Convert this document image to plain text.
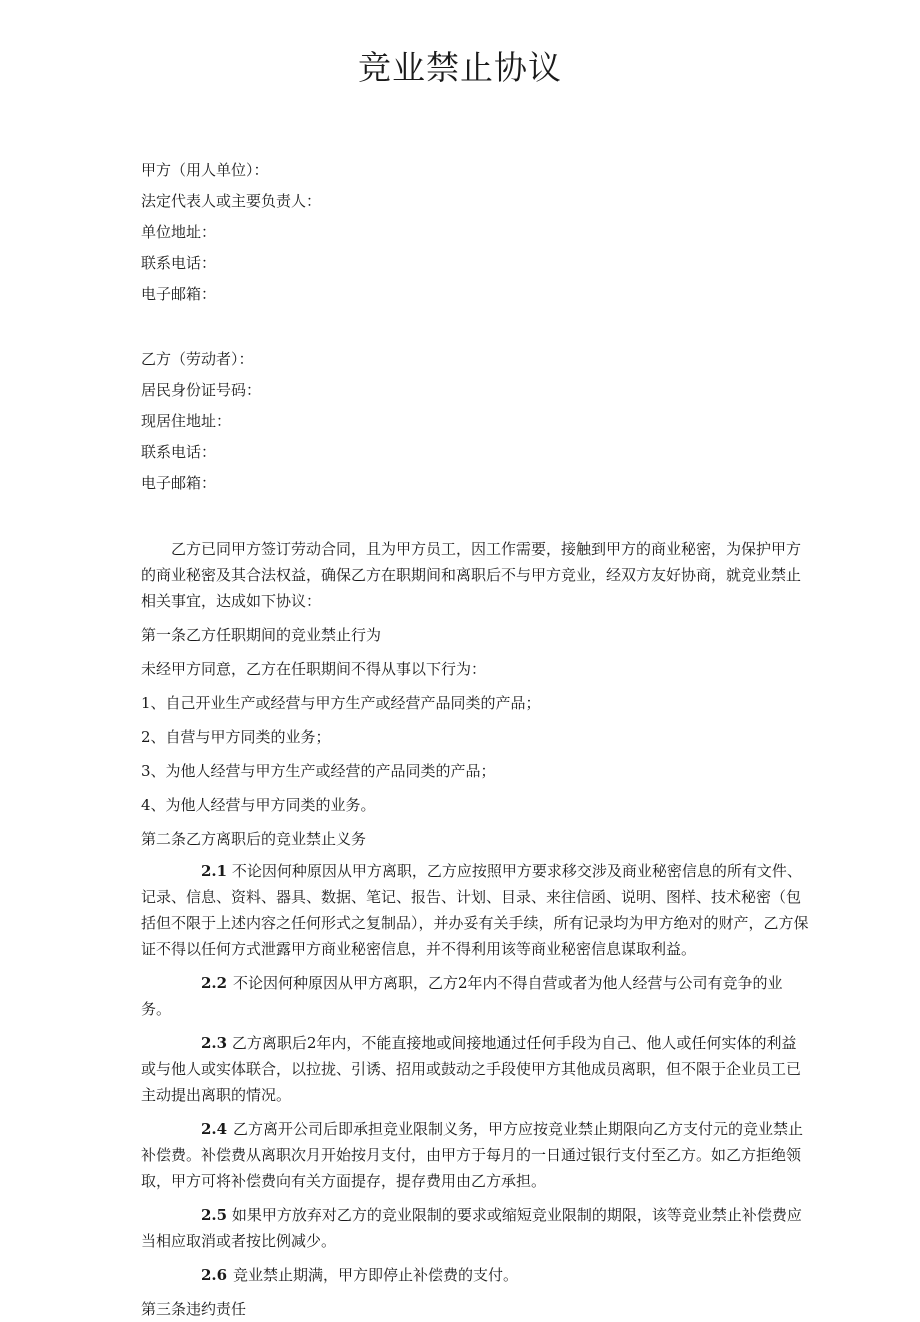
竞业禁止协议
甲方（用人单位）：
法定代表人或主要负责人：
单位地址：
联系电话：
电子邮箱：
乙方（劳动者）：
居民身份证号码：
现居住地址：
联系电话：
电子邮箱：
乙方已同甲方签订劳动合同，且为甲方员工，因工作需要，接触到甲方的商业秘密，为保护甲方的商业秘密及其合法权益，确保乙方在职期间和离职后不与甲方竞业，经双方友好协商，就竞业禁止相关事宜，达成如下协议：
第一条乙方任职期间的竞业禁止行为
未经甲方同意，乙方在任职期间不得从事以下行为：
1、自己开业生产或经营与甲方生产或经营产品同类的产品；
2、自营与甲方同类的业务；
3、为他人经营与甲方生产或经营的产品同类的产品；
4、为他人经营与甲方同类的业务。
第二条乙方离职后的竞业禁止义务
2.1 不论因何种原因从甲方离职，乙方应按照甲方要求移交涉及商业秘密信息的所有文件、记录、信息、资料、器具、数据、笔记、报告、计划、目录、来往信函、说明、图样、技术秘密（包括但不限于上述内容之任何形式之复制品），并办妥有关手续，所有记录均为甲方绝对的财产，乙方保证不得以任何方式泄露甲方商业秘密信息，并不得利用该等商业秘密信息谋取利益。
2.2 不论因何种原因从甲方离职，乙方2年内不得自营或者为他人经营与公司有竞争的业务。
2.3 乙方离职后2年内，不能直接地或间接地通过任何手段为自己、他人或任何实体的利益或与他人或实体联合，以拉拢、引诱、招用或鼓动之手段使甲方其他成员离职，但不限于企业员工已主动提出离职的情况。
2.4 乙方离开公司后即承担竞业限制义务，甲方应按竞业禁止期限向乙方支付元的竞业禁止补偿费。补偿费从离职次月开始按月支付，由甲方于每月的一日通过银行支付至乙方。如乙方拒绝领取，甲方可将补偿费向有关方面提存，提存费用由乙方承担。
2.5 如果甲方放弃对乙方的竞业限制的要求或缩短竞业限制的期限，该等竞业禁止补偿费应当相应取消或者按比例减少。
2.6 竞业禁止期满，甲方即停止补偿费的支付。
第三条违约责任
